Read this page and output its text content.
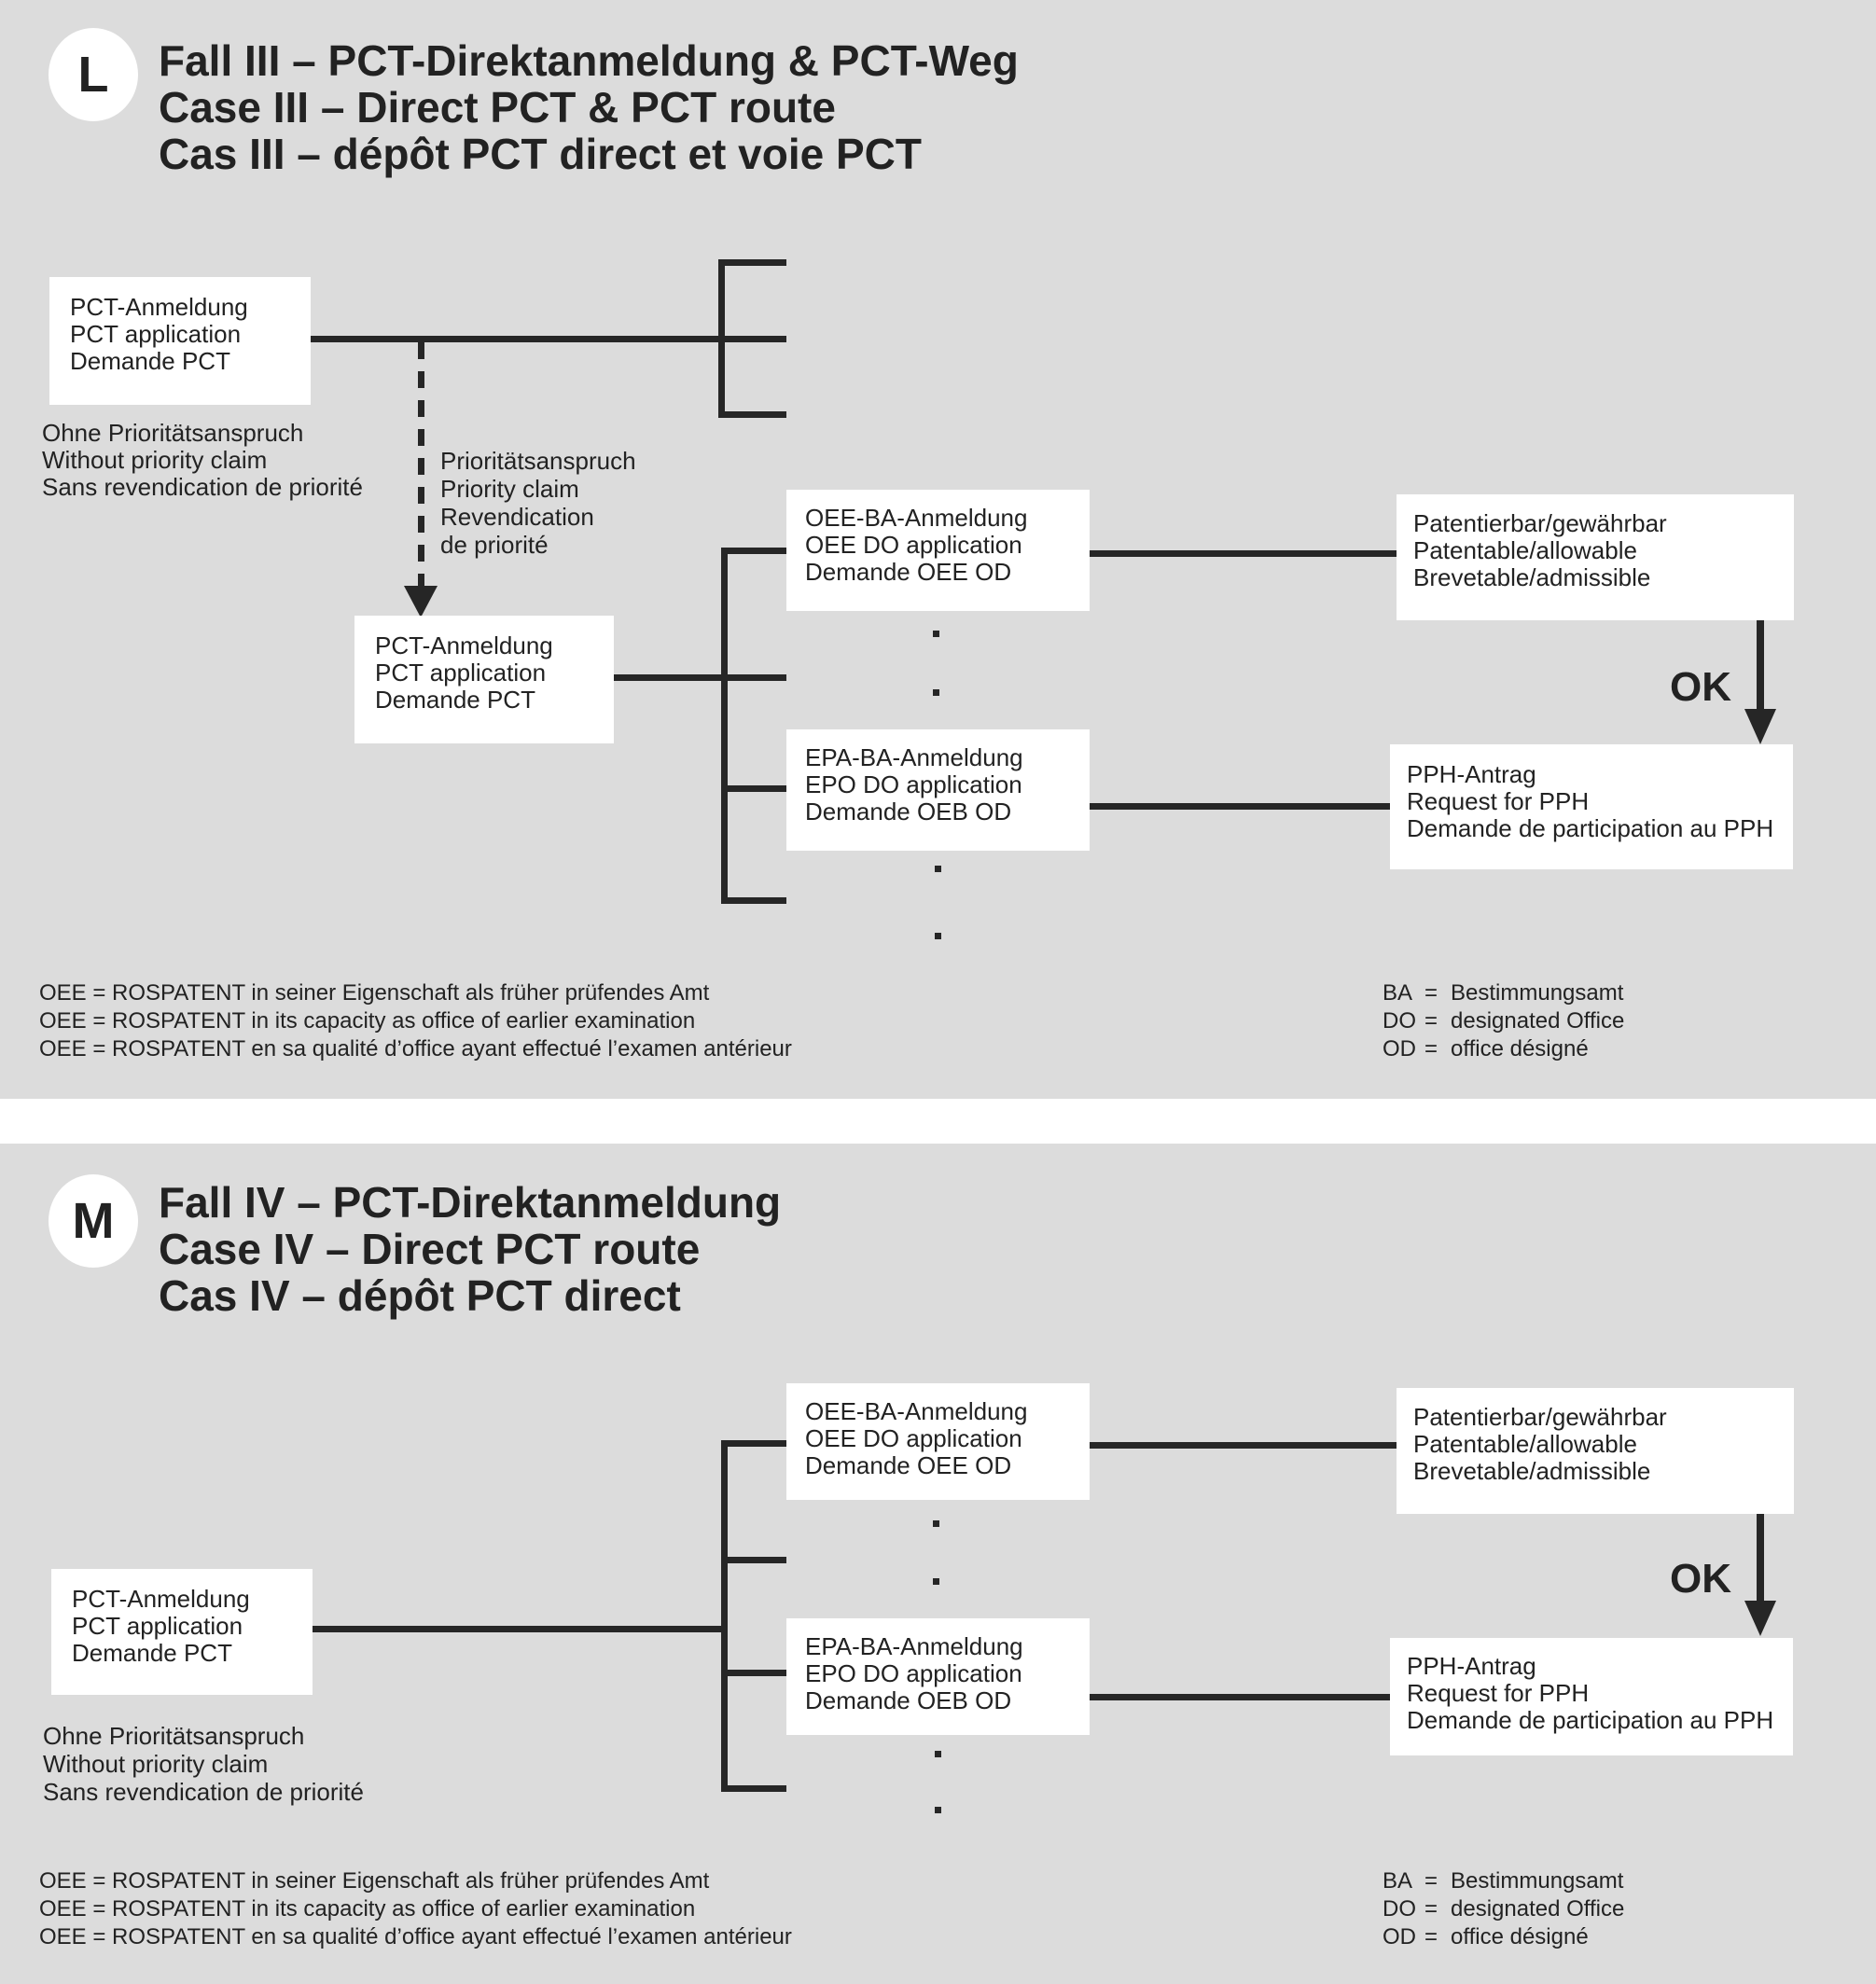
L Fall III – PCT-Direktanmeldung & PCT-Weg
Case III – Direct PCT & PCT route
Cas III – dépôt PCT direct et voie PCT
PCT-Anmeldung
PCT application
Demande PCT
Ohne Prioritätsanspruch
Without priority claim
Sans revendication de priorité
Prioritätsanspruch
Priority claim
Revendication
de priorité
PCT-Anmeldung
PCT application
Demande PCT
OEE-BA-Anmeldung
OEE DO application
Demande OEE OD
EPA-BA-Anmeldung
EPO DO application
Demande OEB OD
Patentierbar/gewährbar
Patentable/allowable
Brevetable/admissible
OK
PPH-Antrag
Request for PPH
Demande de participation au PPH
OEE = ROSPATENT in seiner Eigenschaft als früher prüfendes Amt
OEE = ROSPATENT in its capacity as office of earlier examination
OEE = ROSPATENT en sa qualité d’office ayant effectué l’examen antérieur
BA = Bestimmungsamt
DO = designated Office
OD = office désigné
M Fall IV – PCT-Direktanmeldung
Case IV – Direct PCT route
Cas IV – dépôt PCT direct
PCT-Anmeldung
PCT application
Demande PCT
OEE-BA-Anmeldung
OEE DO application
Demande OEE OD
EPA-BA-Anmeldung
EPO DO application
Demande OEB OD
Patentierbar/gewährbar
Patentable/allowable
Brevetable/admissible
OK
PPH-Antrag
Request for PPH
Demande de participation au PPH
Ohne Prioritätsanspruch
Without priority claim
Sans revendication de priorité
OEE = ROSPATENT in seiner Eigenschaft als früher prüfendes Amt
OEE = ROSPATENT in its capacity as office of earlier examination
OEE = ROSPATENT en sa qualité d’office ayant effectué l’examen antérieur
BA = Bestimmungsamt
DO = designated Office
OD = office désigné
